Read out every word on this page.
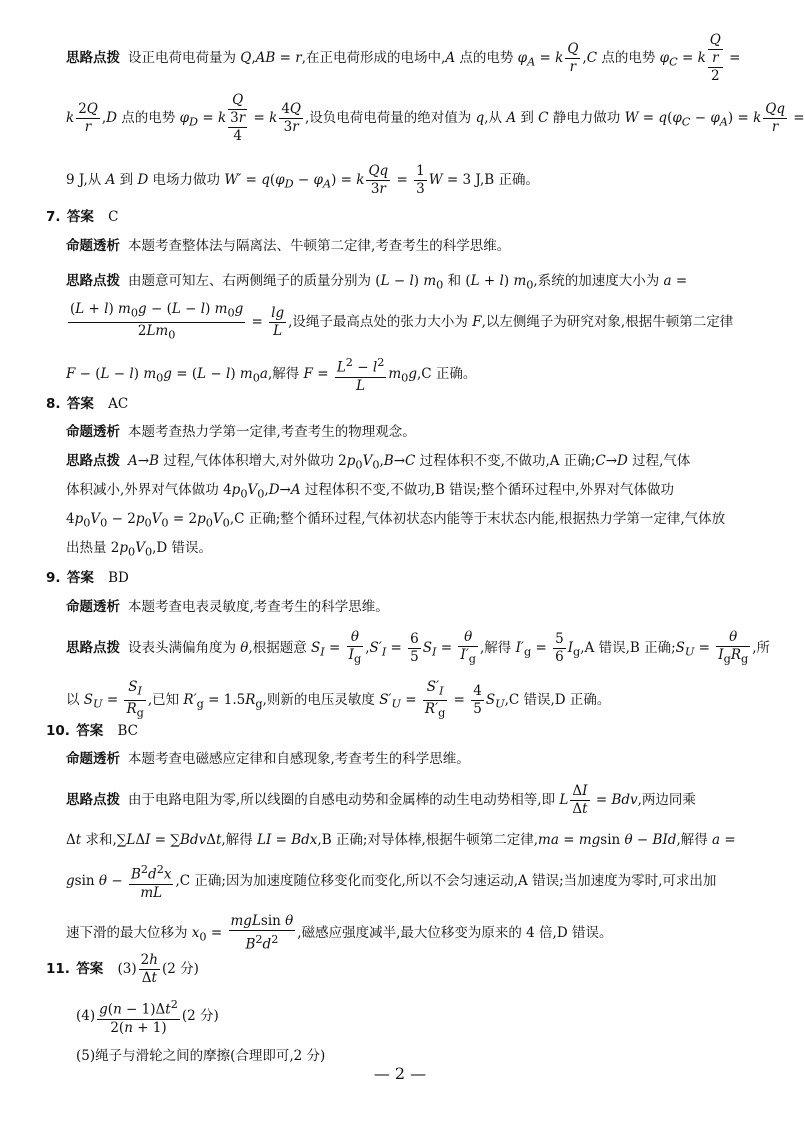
思路点拨 设正电荷电荷量为 Q,AB = r,在正电荷形成的电场中,A 点的电势 $\varphi_A = k \frac{Q}{r} ,C$ 点的电势 $\varphi_C = k$
Q
r
2
=
k $\frac{2Q}{r} ,D$ 点的电势 $\varphi_D = k$
Q
3r
4
= k $\frac{4Q}{3r}$ ,设负电荷电荷量的绝对值为 q,从 A 到 C 静电力做功 $W = q(\varphi_C - \varphi_A) = k \frac{Qq}{r}$ =
9 J,从 A 到 D 电场力做功 $W' = q(\varphi_D - \varphi_A) = k \frac{Qq}{3r} = \frac{1}{3}$ W = 3 J,B 正确。
7. 答案 C
命题透析 本题考查整体法与隔离法、牛顿第二定律,考查考生的科学思维。
思路点拨 由题意可知左、右两侧绳子的质量分别为 (L − l) $m_0$ 和 (L + l) $m_0$,系统的加速度大小为 a =
$\frac{(L + l) m_0g - (L - l) m_0g}{2Lm_0} = \frac{\lg}{L}$ ,设绳子最高点处的张力大小为 F,以左侧绳子为研究对象,根据牛顿第二定律
F − (L − l) $m_0g = (L - l)$ $m_0a$,解得 $F = \frac{L^2 - l^2}{L} m_0g,C$ 正确。
8. 答案 AC
命题透析 本题考查热力学第一定律,考查考生的物理观念。
思路点拨 A→B 过程,气体体积增大,对外做功 $2p_0V_0,B\to C$ 过程体积不变,不做功,A 正确;C→D 过程,气体
体积减小,外界对气体做功 $4p_0V_0,D\to A$ 过程体积不变,不做功,B 错误;整个循环过程中,外界对气体做功
$4p_0V_0 - 2p_0V_0 = 2p_0V_0,C$ 正确;整个循环过程,气体初状态内能等于末状态内能,根据热力学第一定律,气体放
出热量 $2p_0V_0,D$ 错误。
9. 答案 BD
命题透析 本题考查电表灵敏度,考查考生的科学思维。
思路点拨 设表头满偏角度为 θ,根据题意 $S_I = \frac{\theta}{I_g} ,S'_I = \frac{6}{5} S_I = \frac{\theta}{I'_g}$ ,解得 $I'_g = \frac{5}{6} I_g,A$ 错误,B 正确$;S_U = \frac{\theta}{I_gR_g}$ ,所
以 $S_U = \frac{S_I}{R_g}$ ,已知 $R'_g = 1.5R_g$,则新的电压灵敏度 $S'_U = \frac{S'_I}{R'_g} = \frac{4}{5} S_U,C$ 错误,D 正确。
10. 答案 BC
命题透析 本题考查电磁感应定律和自感现象,考查考生的科学思维。
思路点拨 由于电路电阻为零,所以线圈的自感电动势和金属棒的动生电动势相等,即 L $\frac{\Delta I}{\Delta t}$ = Bdv,两边同乘
Δt 求和,∑LΔI = ∑BdvΔt,解得 LI = Bdx,B 正确;对导体棒,根据牛顿第二定律,ma = mgsin θ − BId,解得 a =
gsin $\theta - \frac{B^2d^2x}{mL} ,C$ 正确;因为加速度随位移变化而变化,所以不会匀速运动,A 错误;当加速度为零时,可求出加
速下滑的最大位移为 $x_0 = \frac{\text{mgLsin θ}}{B^2d^2}$ ,磁感应强度减半,最大位移变为原来的 4 倍,D 错误。
11. 答案 $(3) \frac{2h}{\Delta t} (2$ 分)
$(4) \frac{g(n - 1)\Delta t^2}{2(n + 1)} (2$ 分)
(5)绳子与滑轮之间的摩擦(合理即可,2 分)
— 2 —
